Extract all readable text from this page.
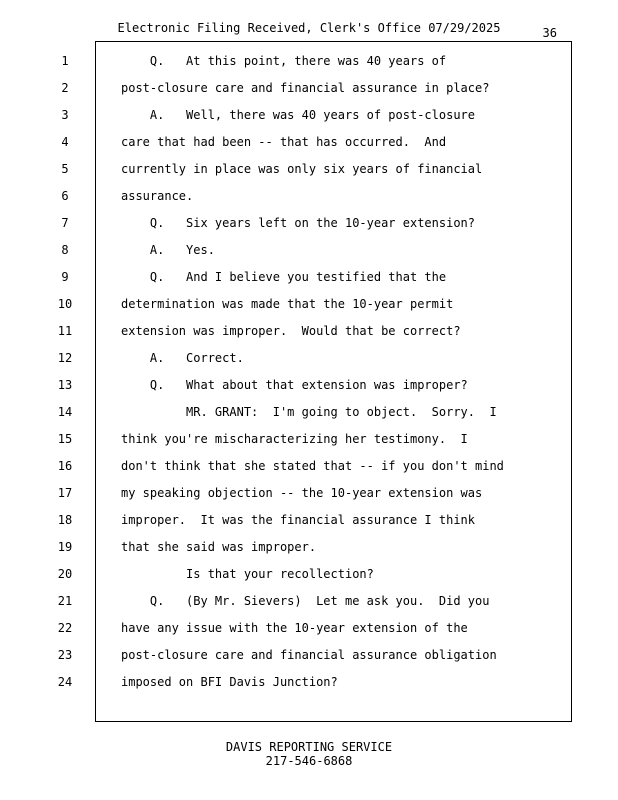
Electronic Filing Received, Clerk's Office 07/29/2025	36
1
2
3
4
5
6
7
8
9
10
11
12
13
14
15
16
17
18
19
20
21
22
23
24
Q.   At this point, there was 40 years of
post-closure care and financial assurance in place?
A.   Well, there was 40 years of post-closure
care that had been -- that has occurred.  And
currently in place was only six years of financial
assurance.
Q.   Six years left on the 10-year extension?
A.   Yes.
Q.   And I believe you testified that the
determination was made that the 10-year permit
extension was improper.  Would that be correct?
A.   Correct.
Q.   What about that extension was improper?
MR. GRANT:  I'm going to object.  Sorry.  I
think you're mischaracterizing her testimony.  I
don't think that she stated that -- if you don't mind
my speaking objection -- the 10-year extension was
improper.  It was the financial assurance I think
that she said was improper.
Is that your recollection?
Q.   (By Mr. Sievers)  Let me ask you.  Did you
have any issue with the 10-year extension of the
post-closure care and financial assurance obligation
imposed on BFI Davis Junction?
DAVIS REPORTING SERVICE
217-546-6868
